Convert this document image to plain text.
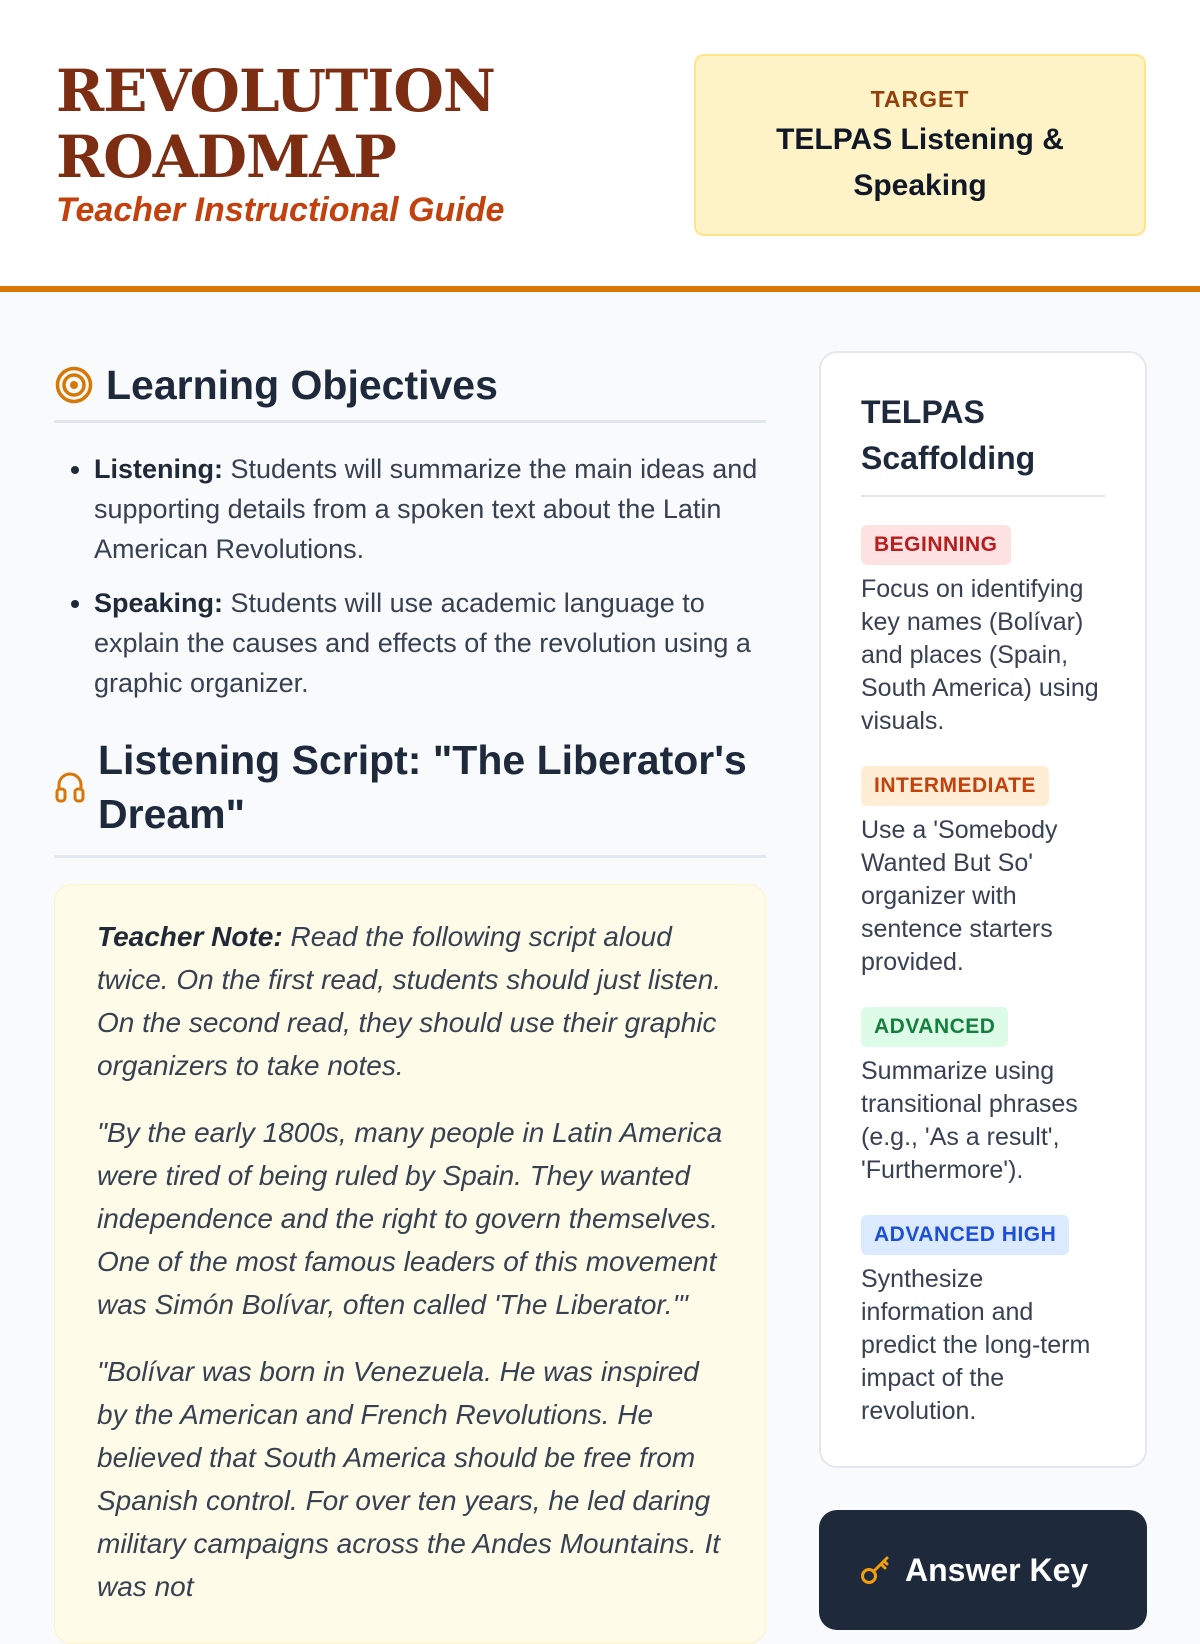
REVOLUTION
ROADMAP
Teacher Instructional Guide
TARGET
TELPAS Listening & Speaking
Learning Objectives
• Listening: Students will summarize the main ideas and supporting details from a spoken text about the Latin American Revolutions.
• Speaking: Students will use academic language to explain the causes and effects of the revolution using a graphic organizer.
Listening Script: "The Liberator's Dream"

Teacher Note: Read the following script aloud twice. On the first read, students should just listen. On the second read, they should use their graphic organizers to take notes.

"By the early 1800s, many people in Latin America were tired of being ruled by Spain. They wanted independence and the right to govern themselves. One of the most famous leaders of this movement was Simón Bolívar, often called 'The Liberator.'"

"Bolívar was born in Venezuela. He was inspired by the American and French Revolutions. He believed that South America should be free from Spanish control. For over ten years, he led daring military campaigns across the Andes Mountains. It was not

TELPAS Scaffolding
BEGINNING

Focus on identifying key names (Bolívar) and places (Spain, South America) using visuals.

INTERMEDIATE

Use a 'Somebody Wanted But So' organizer with sentence starters provided.

ADVANCED

Summarize using transitional phrases (e.g., 'As a result', 'Furthermore').

ADVANCED HIGH

Synthesize information and predict the long-term impact of the revolution.

Answer Key
